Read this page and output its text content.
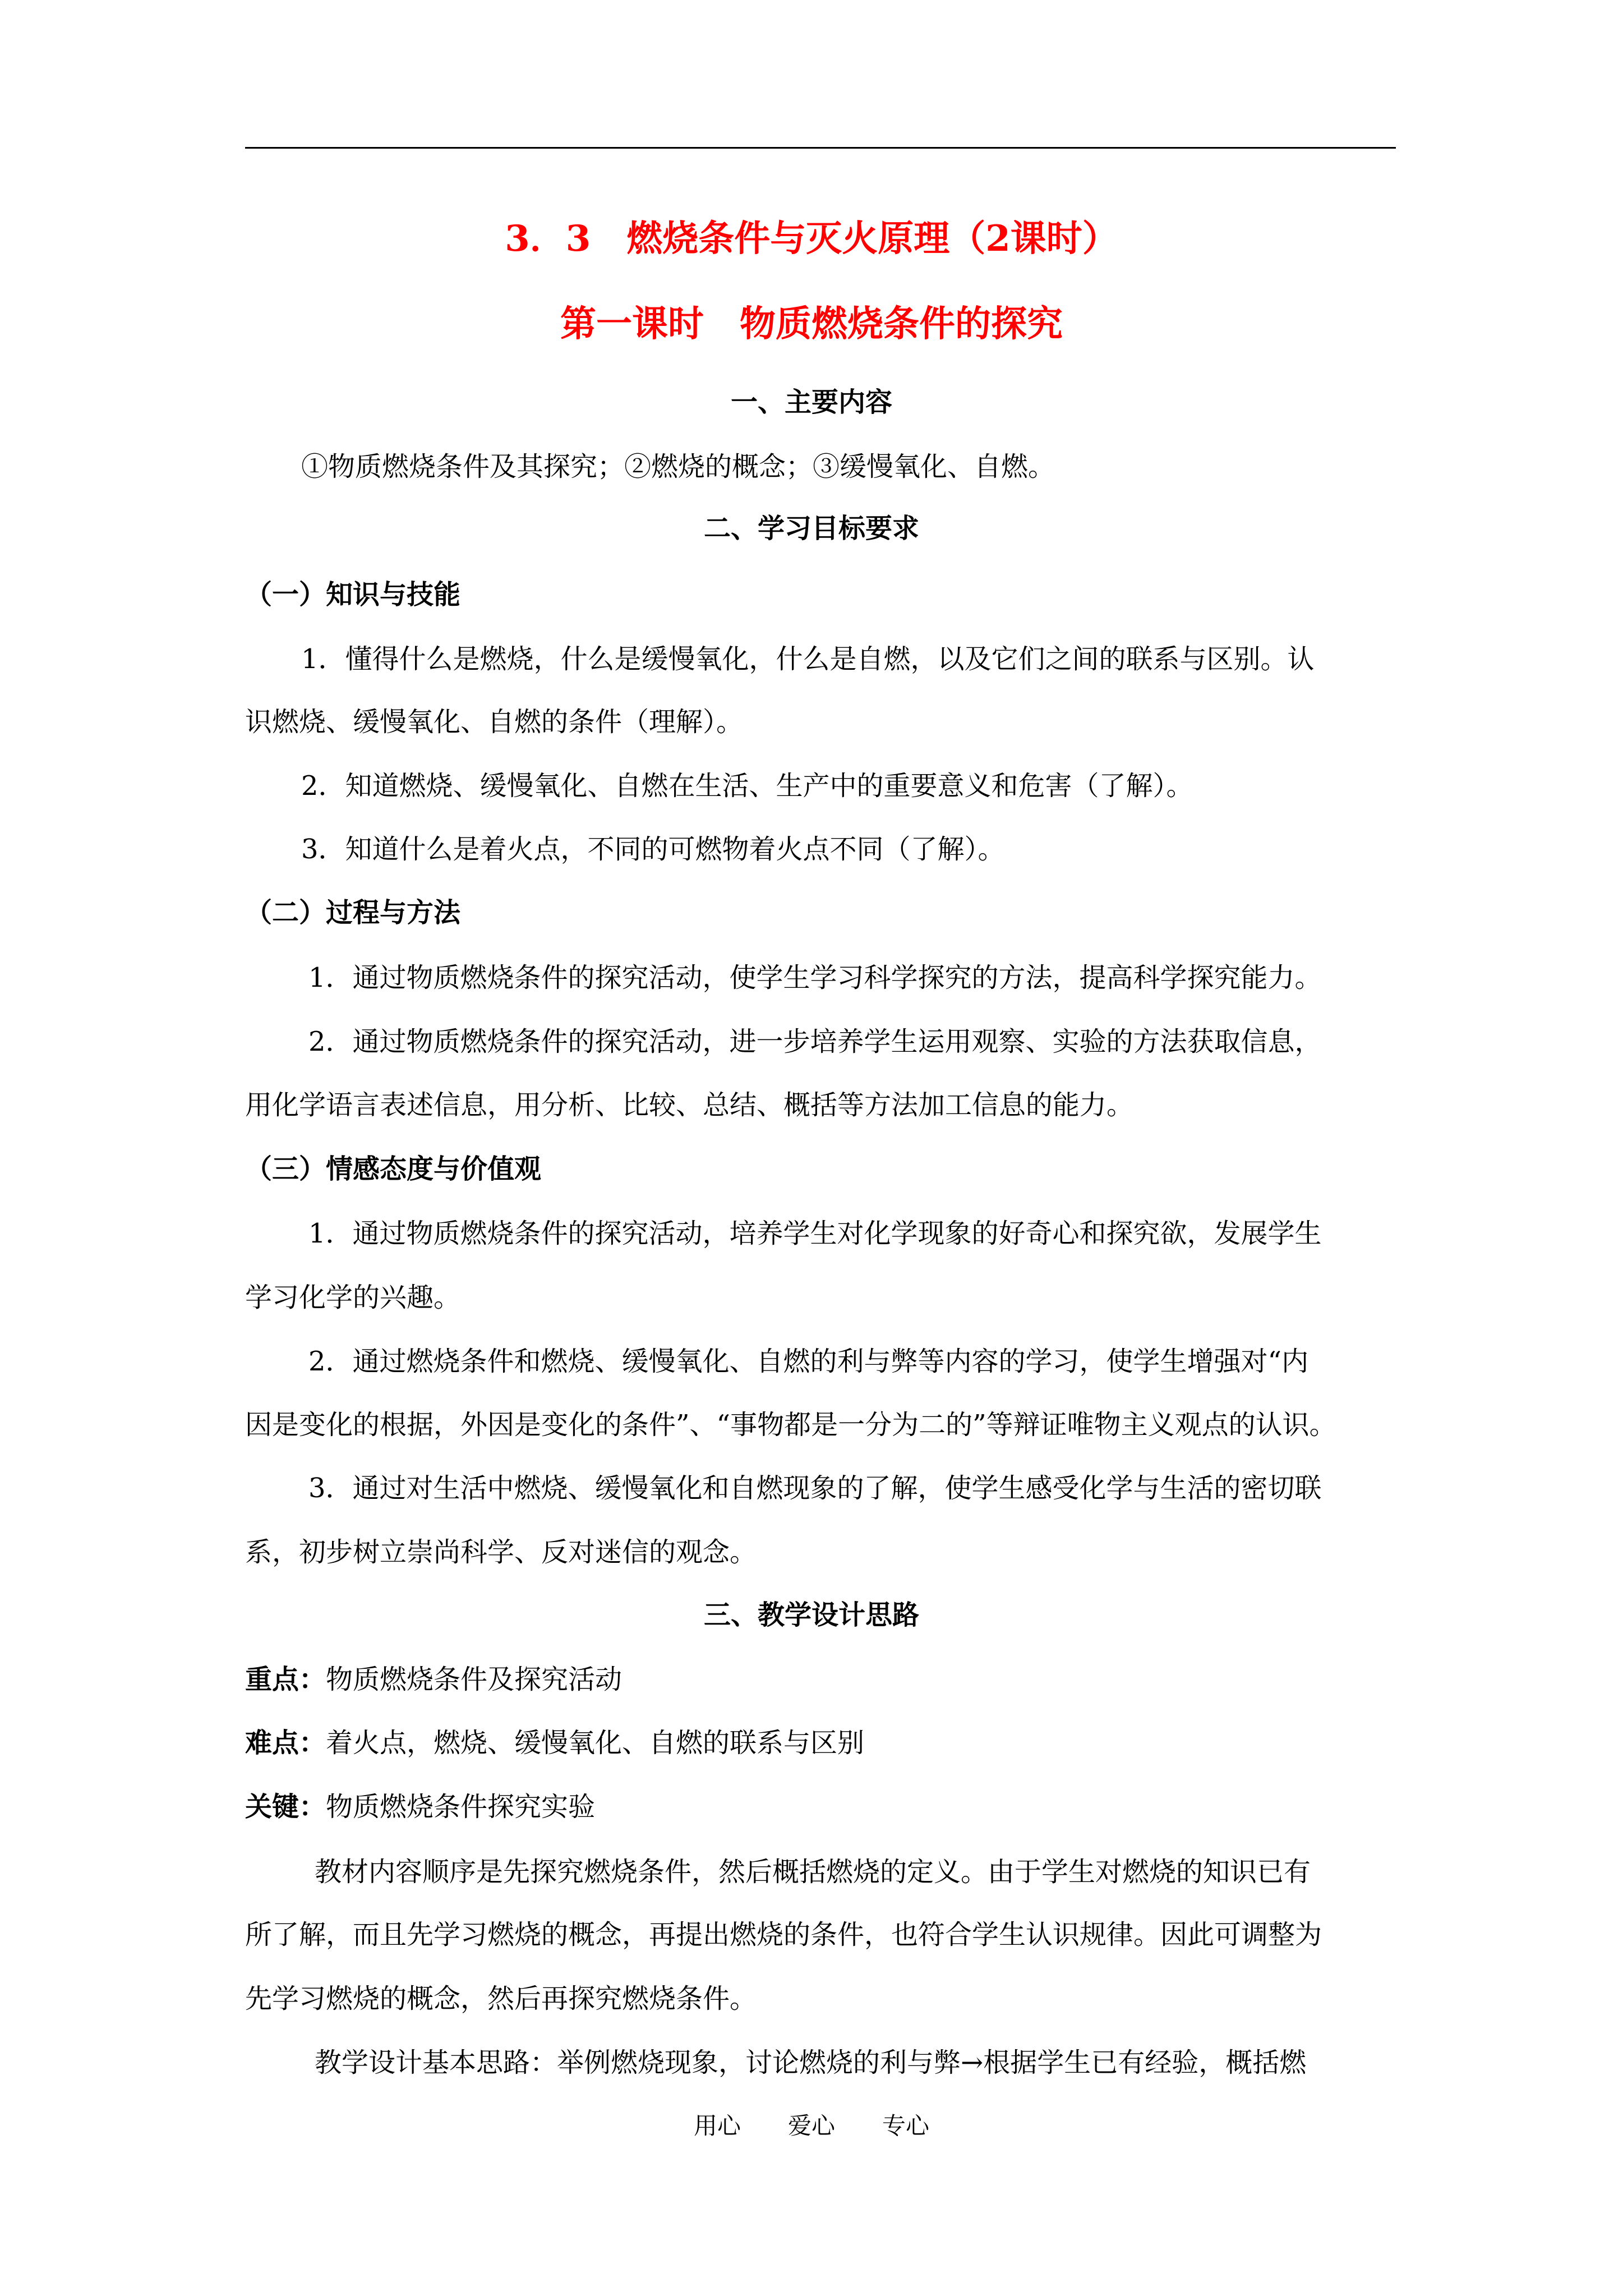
3．3　燃烧条件与灭火原理（2课时）
第一课时　物质燃烧条件的探究
一、主要内容
①物质燃烧条件及其探究；②燃烧的概念；③缓慢氧化、自燃。
二、学习目标要求
（一）知识与技能
1．懂得什么是燃烧，什么是缓慢氧化，什么是自燃，以及它们之间的联系与区别。认
识燃烧、缓慢氧化、自燃的条件（理解）。
2．知道燃烧、缓慢氧化、自燃在生活、生产中的重要意义和危害（了解）。
3．知道什么是着火点，不同的可燃物着火点不同（了解）。
（二）过程与方法
1．通过物质燃烧条件的探究活动，使学生学习科学探究的方法，提高科学探究能力。
2．通过物质燃烧条件的探究活动，进一步培养学生运用观察、实验的方法获取信息，
用化学语言表述信息，用分析、比较、总结、概括等方法加工信息的能力。
（三）情感态度与价值观
1．通过物质燃烧条件的探究活动，培养学生对化学现象的好奇心和探究欲，发展学生
学习化学的兴趣。
2．通过燃烧条件和燃烧、缓慢氧化、自燃的利与弊等内容的学习，使学生增强对“内
因是变化的根据，外因是变化的条件”、“事物都是一分为二的”等辩证唯物主义观点的认识。
3．通过对生活中燃烧、缓慢氧化和自燃现象的了解，使学生感受化学与生活的密切联
系，初步树立崇尚科学、反对迷信的观念。
三、教学设计思路
重点：物质燃烧条件及探究活动
难点：着火点，燃烧、缓慢氧化、自燃的联系与区别
关键：物质燃烧条件探究实验
教材内容顺序是先探究燃烧条件，然后概括燃烧的定义。由于学生对燃烧的知识已有
所了解，而且先学习燃烧的概念，再提出燃烧的条件，也符合学生认识规律。因此可调整为
先学习燃烧的概念，然后再探究燃烧条件。
教学设计基本思路：举例燃烧现象，讨论燃烧的利与弊→根据学生已有经验，概括燃
用心　　爱心　　专心
